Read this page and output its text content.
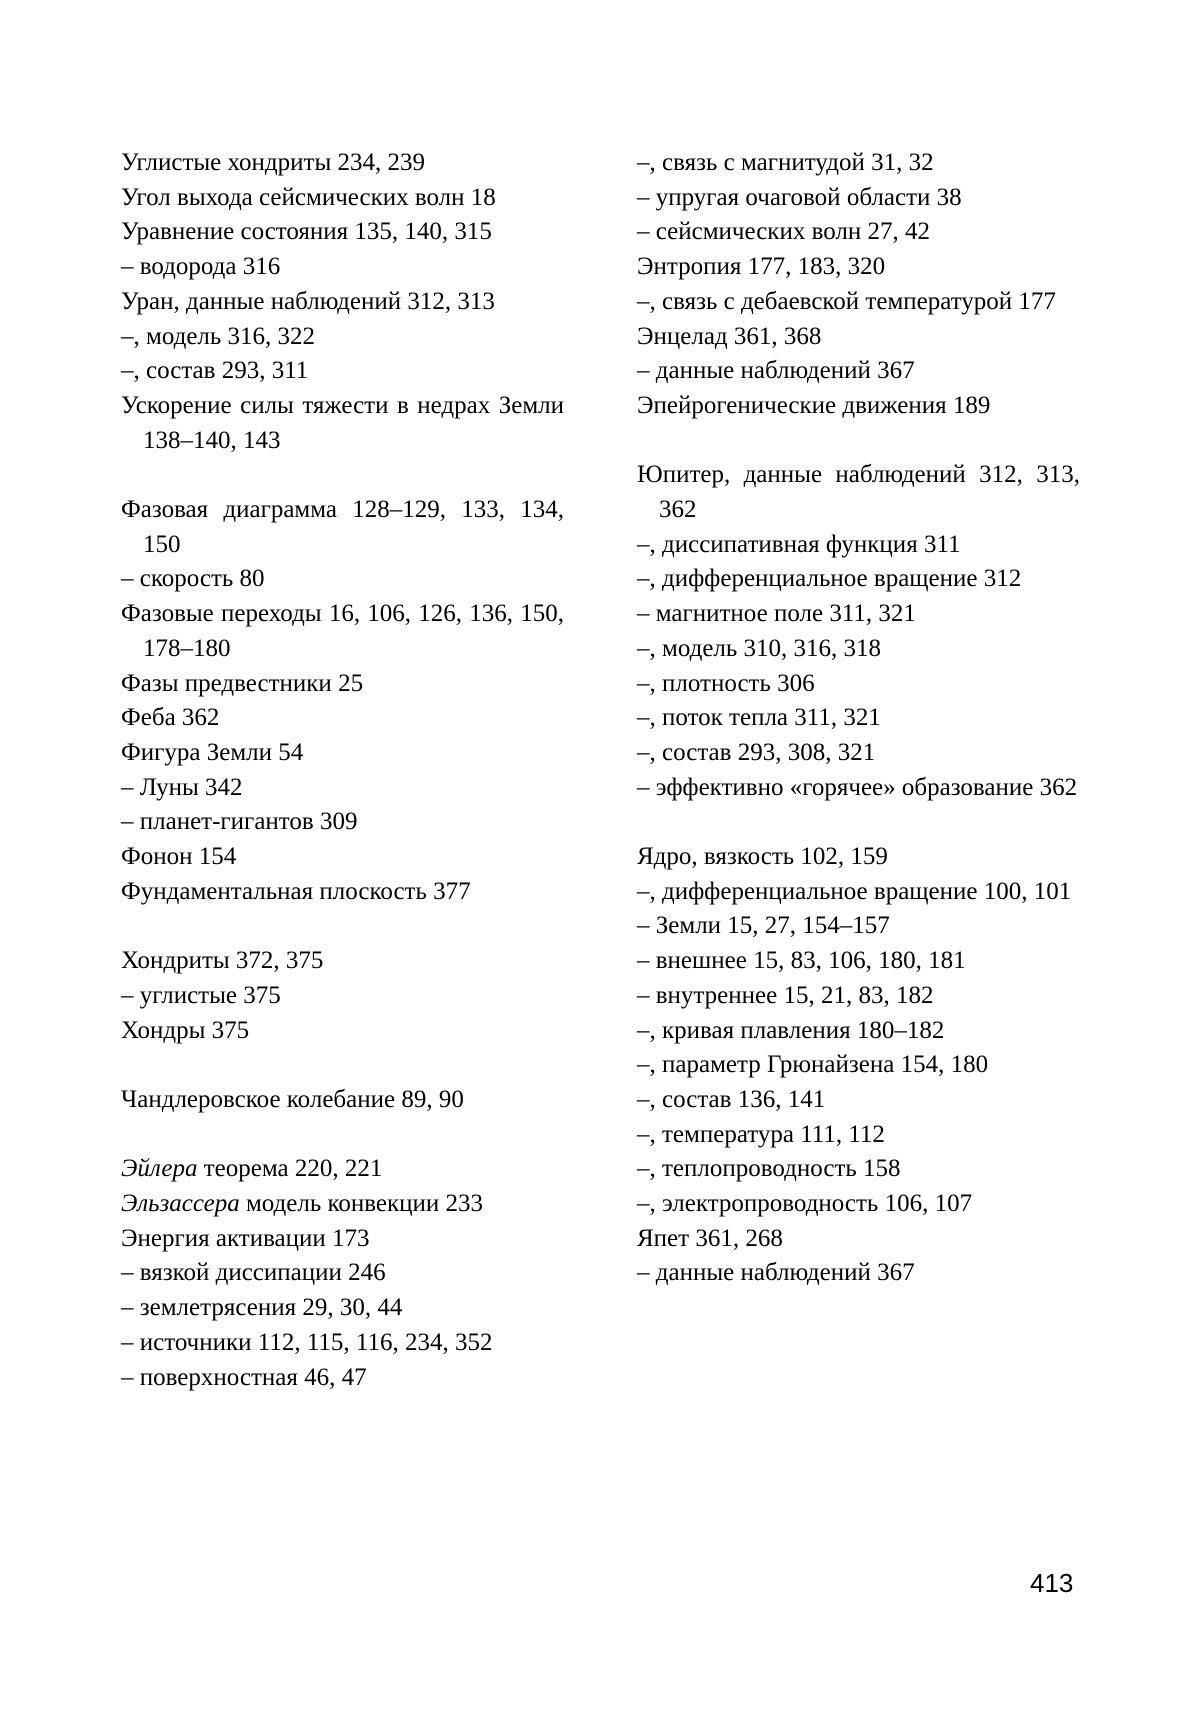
Углистые хондриты 234, 239
Угол выхода сейсмических волн 18
Уравнение состояния 135, 140, 315
– водорода 316
Уран, данные наблюдений 312, 313
–, модель 316, 322
–, состав 293, 311
Ускорение силы тяжести в недрах Земли 138–140, 143
Фазовая диаграмма 128–129, 133, 134, 150
– скорость 80
Фазовые переходы 16, 106, 126, 136, 150, 178–180
Фазы предвестники 25
Феба 362
Фигура Земли 54
– Луны 342
– планет-гигантов 309
Фонон 154
Фундаментальная плоскость 377
Хондриты 372, 375
– углистые 375
Хондры 375
Чандлеровское колебание 89, 90
Эйлера теорема 220, 221
Эльзассера модель конвекции 233
Энергия активации 173
– вязкой диссипации 246
– землетрясения 29, 30, 44
– источники 112, 115, 116, 234, 352
– поверхностная 46, 47
–, связь с магнитудой 31, 32
– упругая очаговой области 38
– сейсмических волн 27, 42
Энтропия 177, 183, 320
–, связь с дебаевской температурой 177
Энцелад 361, 368
– данные наблюдений 367
Эпейрогенические движения 189
Юпитер, данные наблюдений 312, 313, 362
–, диссипативная функция 311
–, дифференциальное вращение 312
– магнитное поле 311, 321
–, модель 310, 316, 318
–, плотность 306
–, поток тепла 311, 321
–, состав 293, 308, 321
– эффективно «горячее» образование 362
Ядро, вязкость 102, 159
–, дифференциальное вращение 100, 101
– Земли 15, 27, 154–157
– внешнее 15, 83, 106, 180, 181
– внутреннее 15, 21, 83, 182
–, кривая плавления 180–182
–, параметр Грюнайзена 154, 180
–, состав 136, 141
–, температура 111, 112
–, теплопроводность 158
–, электропроводность 106, 107
Япет 361, 268
– данные наблюдений 367
413
